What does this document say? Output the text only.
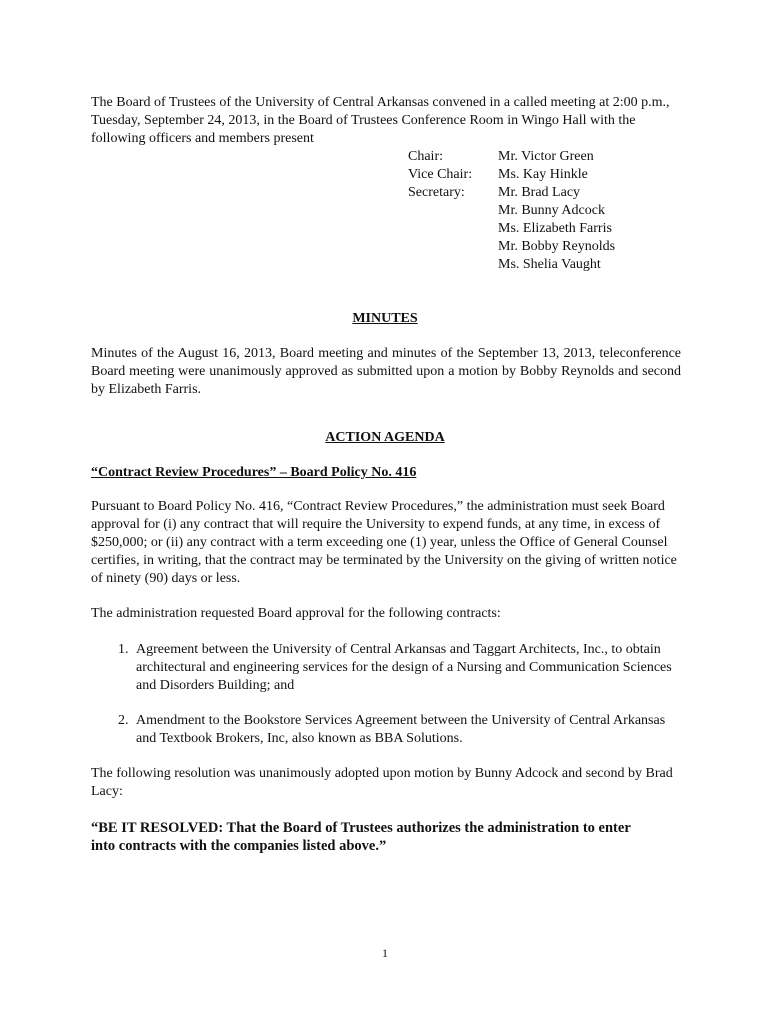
The Board of Trustees of the University of Central Arkansas convened in a called meeting at 2:00 p.m., Tuesday, September 24, 2013, in the Board of Trustees Conference Room in Wingo Hall with the following officers and members present

Chair:	Mr. Victor Green
Vice Chair: Ms. Kay Hinkle
Secretary: Mr. Brad Lacy
Mr. Bunny Adcock
Ms. Elizabeth Farris
Mr. Bobby Reynolds
Ms. Shelia Vaught
MINUTES

Minutes of the August 16, 2013, Board meeting and minutes of the September 13, 2013, teleconference Board meeting were unanimously approved as submitted upon a motion by Bobby Reynolds and second by Elizabeth Farris.

ACTION AGENDA
“Contract Review Procedures” – Board Policy No. 416

Pursuant to Board Policy No. 416, “Contract Review Procedures,” the administration must seek Board approval for (i) any contract that will require the University to expend funds, at any time, in excess of $250,000; or (ii) any contract with a term exceeding one (1) year, unless the Office of General Counsel certifies, in writing, that the contract may be terminated by the University on the giving of written notice of ninety (90) days or less.

The administration requested Board approval for the following contracts:

1. Agreement between the University of Central Arkansas and Taggart Architects, Inc., to obtain architectural and engineering services for the design of a Nursing and Communication Sciences and Disorders Building; and
2. Amendment to the Bookstore Services Agreement between the University of Central Arkansas and Textbook Brokers, Inc, also known as BBA Solutions.

The following resolution was unanimously adopted upon motion by Bunny Adcock and second by Brad Lacy:

“BE IT RESOLVED: That the Board of Trustees authorizes the administration to enter into contracts with the companies listed above.”

1
